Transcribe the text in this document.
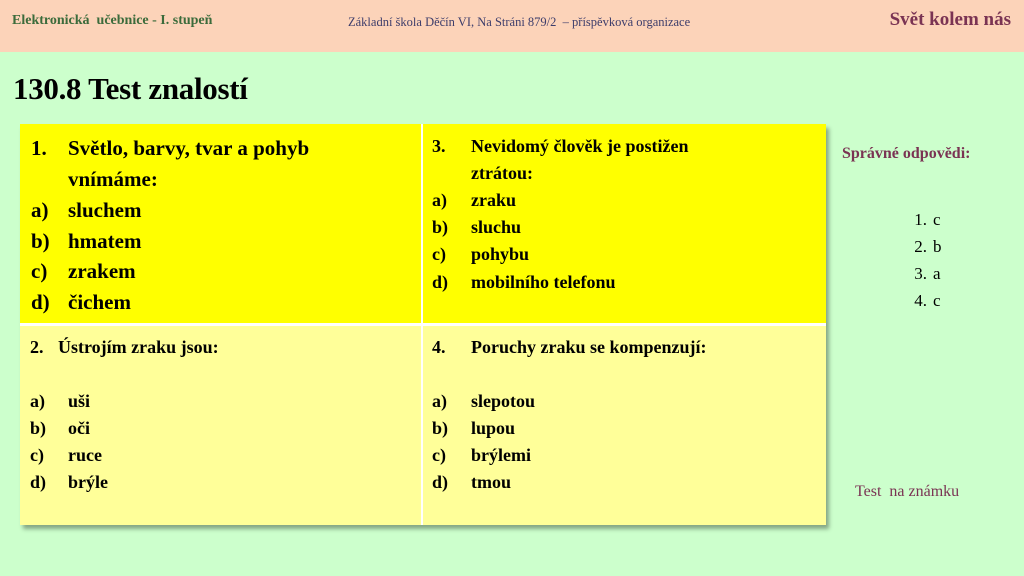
Elektronická  učebnice - I. stupeň	Základní škola Děčín VI, Na Stráni 879/2  – příspěvková organizace	Svět kolem nás
130.8 Test znalostí
1. Světlo, barvy, tvar a pohyb
vnímáme:
a) sluchem
b) hmatem
c) zrakem
d) čichem
3. Nevidomý člověk je postižen
ztrátou:
a) zraku
b) sluchu
c) pohybu
d) mobilního telefonu
2. Ústrojím zraku jsou:
a) uši
b) oči
c) ruce
d) brýle
4. Poruchy zraku se kompenzují:
a) slepotou
b) lupou
c) brýlemi
d) tmou
Správné odpovědi:
1. c
2. b
3. a
4. c
Test  na známku
